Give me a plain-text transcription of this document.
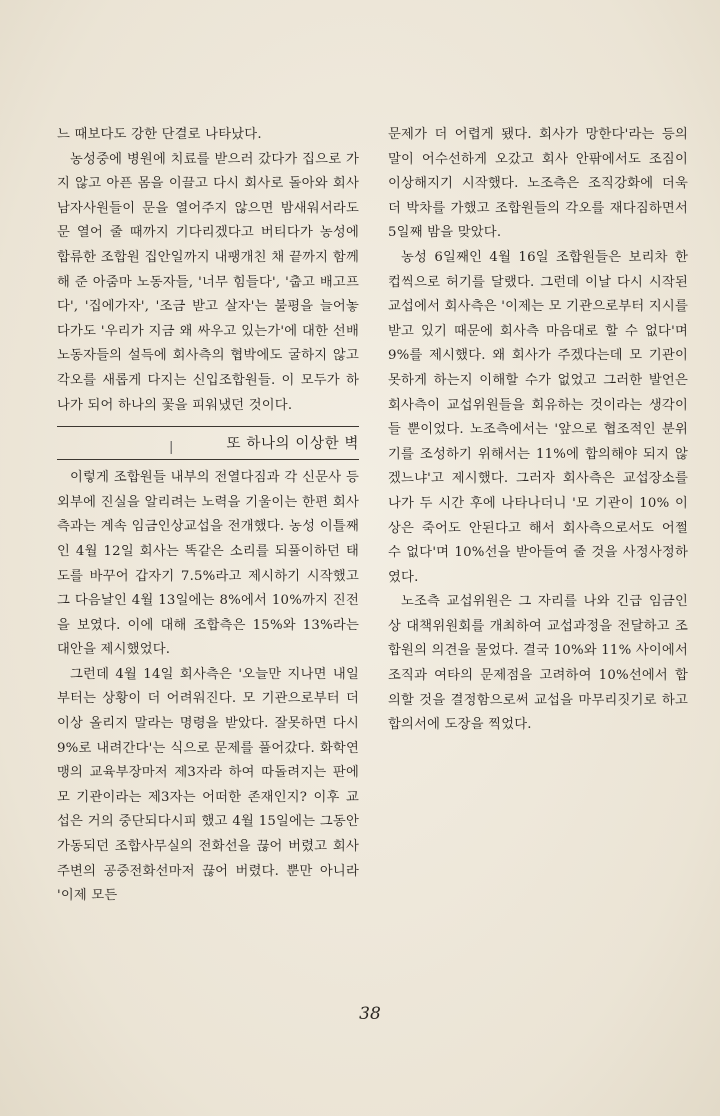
느 때보다도 강한 단결로 나타났다.

농성중에 병원에 치료를 받으러 갔다가 집으로 가지 않고 아픈 몸을 이끌고 다시 회사로 돌아와 회사 남자사원들이 문을 열어주지 않으면 밤새워서라도 문 열어 줄 때까지 기다리겠다고 버티다가 농성에 합류한 조합원 집안일까지 내팽개친 채 끝까지 함께해 준 아줌마 노동자들, '너무 힘들다', '춥고 배고프다', '집에가자', '조금 받고 살자'는 불평을 늘어놓다가도 '우리가 지금 왜 싸우고 있는가'에 대한 선배노동자들의 설득에 회사측의 협박에도 굴하지 않고 각오를 새롭게 다지는 신입조합원들. 이 모두가 하나가 되어 하나의 꽃을 피워냈던 것이다.

|	또 하나의 이상한 벽

이렇게 조합원들 내부의 전열다짐과 각 신문사 등 외부에 진실을 알리려는 노력을 기울이는 한편 회사측과는 계속 임금인상교섭을 전개했다. 농성 이틀째인 4월 12일 회사는 똑같은 소리를 되풀이하던 태도를 바꾸어 갑자기 7.5%라고 제시하기 시작했고 그 다음날인 4월 13일에는 8%에서 10%까지 진전을 보였다. 이에 대해 조합측은 15%와 13%라는 대안을 제시했었다.

그런데 4월 14일 회사측은 '오늘만 지나면 내일부터는 상황이 더 어려워진다. 모 기관으로부터 더이상 올리지 말라는 명령을 받았다. 잘못하면 다시 9%로 내려간다'는 식으로 문제를 풀어갔다. 화학연맹의 교육부장마저 제3자라 하여 따돌려지는 판에 모 기관이라는 제3자는 어떠한 존재인지? 이후 교섭은 거의 중단되다시피 했고 4월 15일에는 그동안 가동되던 조합사무실의 전화선을 끊어 버렸고 회사 주변의 공중전화선마저 끊어 버렸다. 뿐만 아니라 '이제 모든

문제가 더 어렵게 됐다. 회사가 망한다'라는 등의 말이 어수선하게 오갔고 회사 안팎에서도 조짐이 이상해지기 시작했다. 노조측은 조직강화에 더욱 더 박차를 가했고 조합원들의 각오를 재다짐하면서 5일째 밤을 맞았다.

농성 6일째인 4월 16일 조합원들은 보리차 한 컵씩으로 허기를 달랬다. 그런데 이날 다시 시작된 교섭에서 회사측은 '이제는 모 기관으로부터 지시를 받고 있기 때문에 회사측 마음대로 할 수 없다'며 9%를 제시했다. 왜 회사가 주겠다는데 모 기관이 못하게 하는지 이해할 수가 없었고 그러한 발언은 회사측이 교섭위원들을 회유하는 것이라는 생각이 들 뿐이었다. 노조측에서는 '앞으로 협조적인 분위기를 조성하기 위해서는 11%에 합의해야 되지 않겠느냐'고 제시했다. 그러자 회사측은 교섭장소를 나가 두 시간 후에 나타나더니 '모 기관이 10% 이상은 죽어도 안된다고 해서 회사측으로서도 어쩔 수 없다'며 10%선을 받아들여 줄 것을 사정사정하였다.

노조측 교섭위원은 그 자리를 나와 긴급 임금인상 대책위원회를 개최하여 교섭과정을 전달하고 조합원의 의견을 물었다. 결국 10%와 11% 사이에서 조직과 여타의 문제점을 고려하여 10%선에서 합의할 것을 결정함으로써 교섭을 마무리짓기로 하고 합의서에 도장을 찍었다.

38
